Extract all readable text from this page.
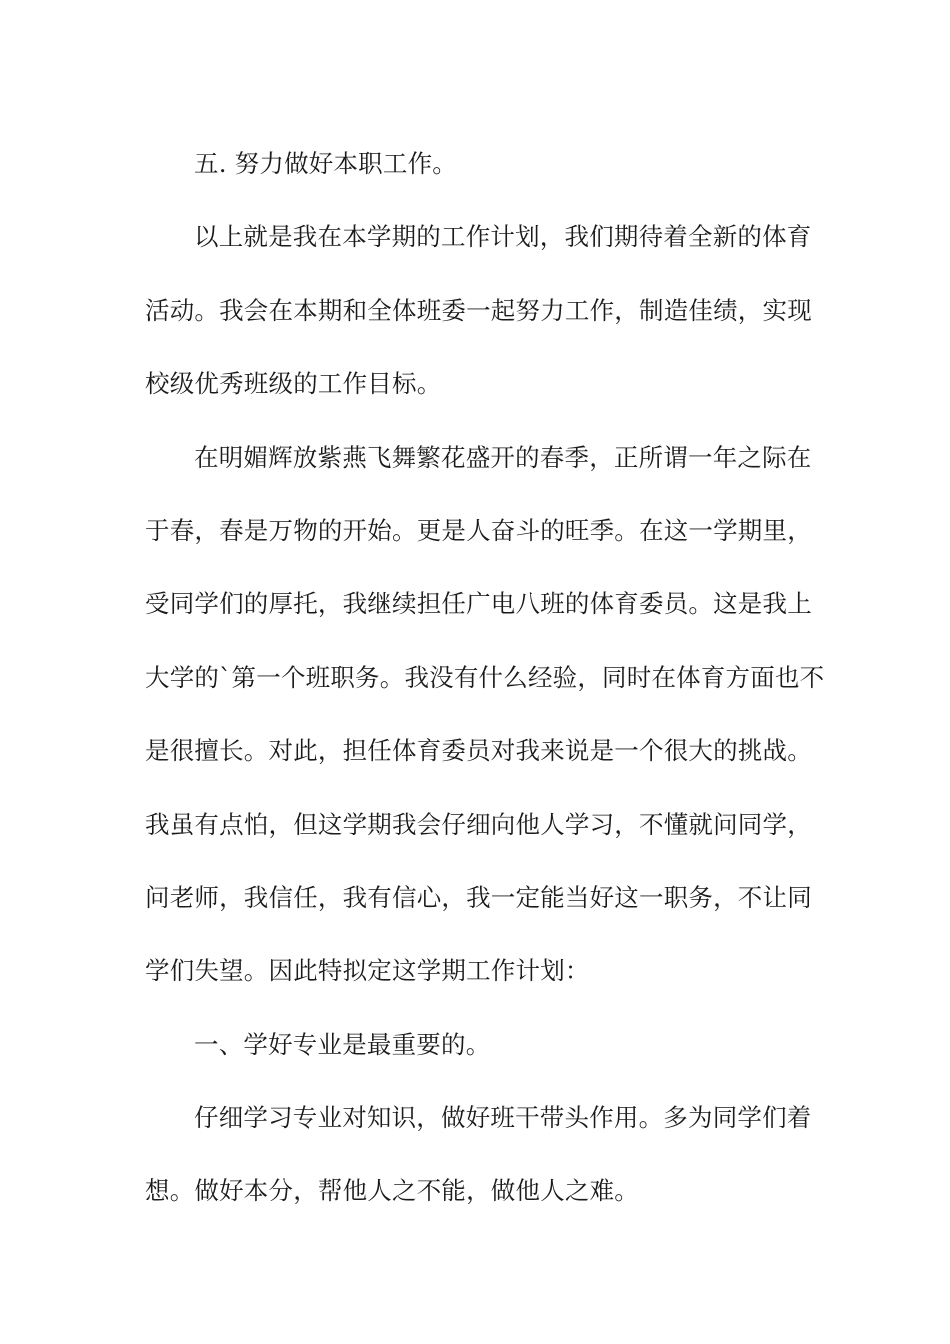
五. 努力做好本职工作。
以上就是我在本学期的工作计划，我们期待着全新的体育
活动。我会在本期和全体班委一起努力工作，制造佳绩，实现
校级优秀班级的工作目标。
在明媚辉放紫燕飞舞繁花盛开的春季，正所谓一年之际在
于春，春是万物的开始。更是人奋斗的旺季。在这一学期里，
受同学们的厚托，我继续担任广电八班的体育委员。这是我上
大学的`第一个班职务。我没有什么经验，同时在体育方面也不
是很擅长。对此，担任体育委员对我来说是一个很大的挑战。
我虽有点怕，但这学期我会仔细向他人学习，不懂就问同学，
问老师，我信任，我有信心，我一定能当好这一职务，不让同
学们失望。因此特拟定这学期工作计划：
一、学好专业是最重要的。
仔细学习专业对知识，做好班干带头作用。多为同学们着
想。做好本分，帮他人之不能，做他人之难。
